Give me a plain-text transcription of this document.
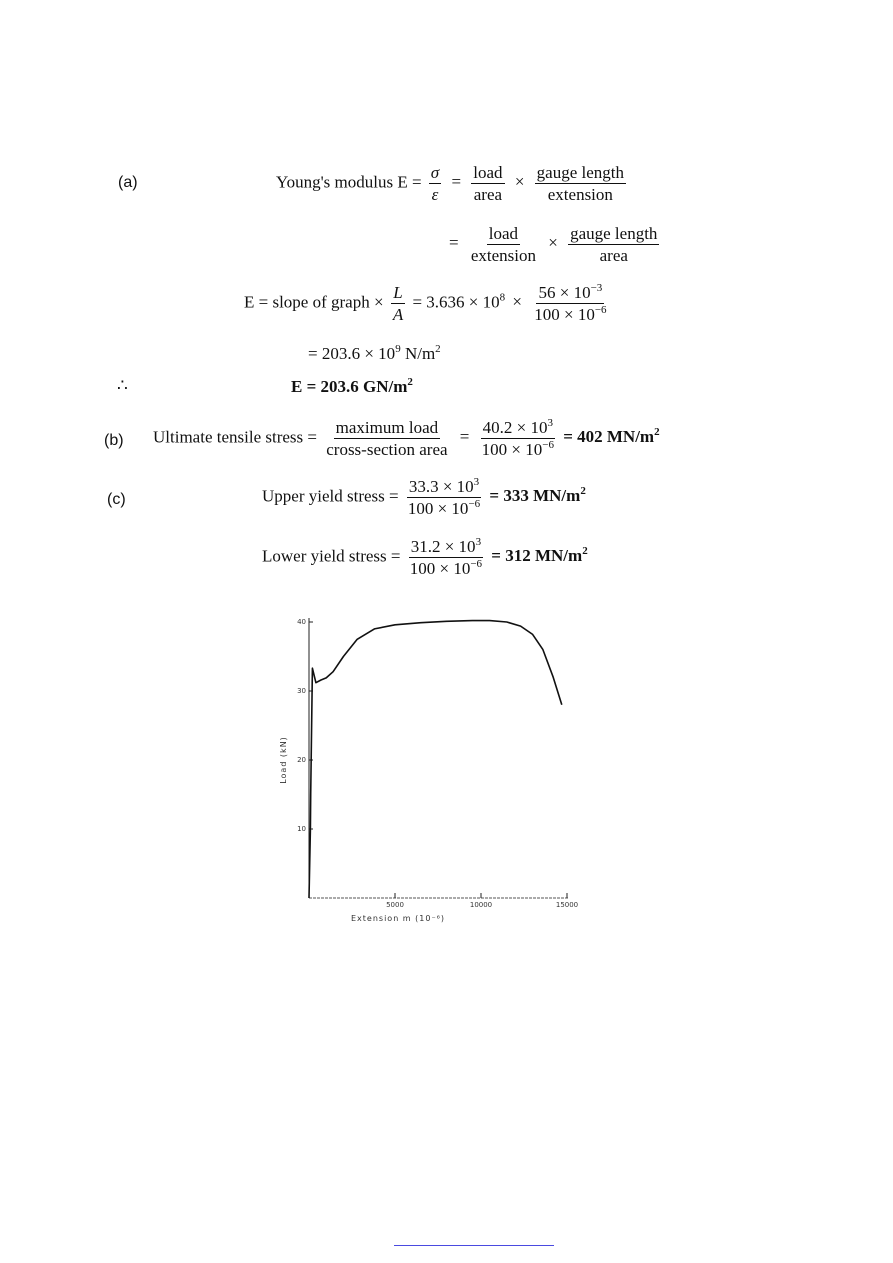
(a)	Young's modulus $E = \frac{\sigma}{\varepsilon} = \frac{\text{load}}{\text{area}} \times \frac{\text{gauge length}}{\text{extension}}$
= $\frac{\text{load}}{\text{extension}} \times \frac{\text{gauge length}}{\text{area}}$
E = slope of graph × $\frac{L}{A} = 3.636 \times 10^8 \times \frac{56 \times 10^{-3}}{100 \times 10^{-6}}$
= $203.6 \times 10^9$ $N/m^2$
∴	E = 203.6 $GN/m^2$
(b) Ultimate tensile stress = $\frac{\text{maximum load}}{\text{cross-section area}} = \frac{40.2 \times 10^3}{100 \times 10^{-6}} = 402$ $MN/m^2$
(c)	Upper yield stress = $\frac{33.3 \times 10^3}{100 \times 10^{-6}} = 333$ $MN/m^2$
Lower yield stress = $\frac{31.2 \times 10^3}{100 \times 10^{-6}} = 312$ $MN/m^2$
10
20
30
40
5000	10000	15000
Load (kN)
Extension m (10⁻⁶)
